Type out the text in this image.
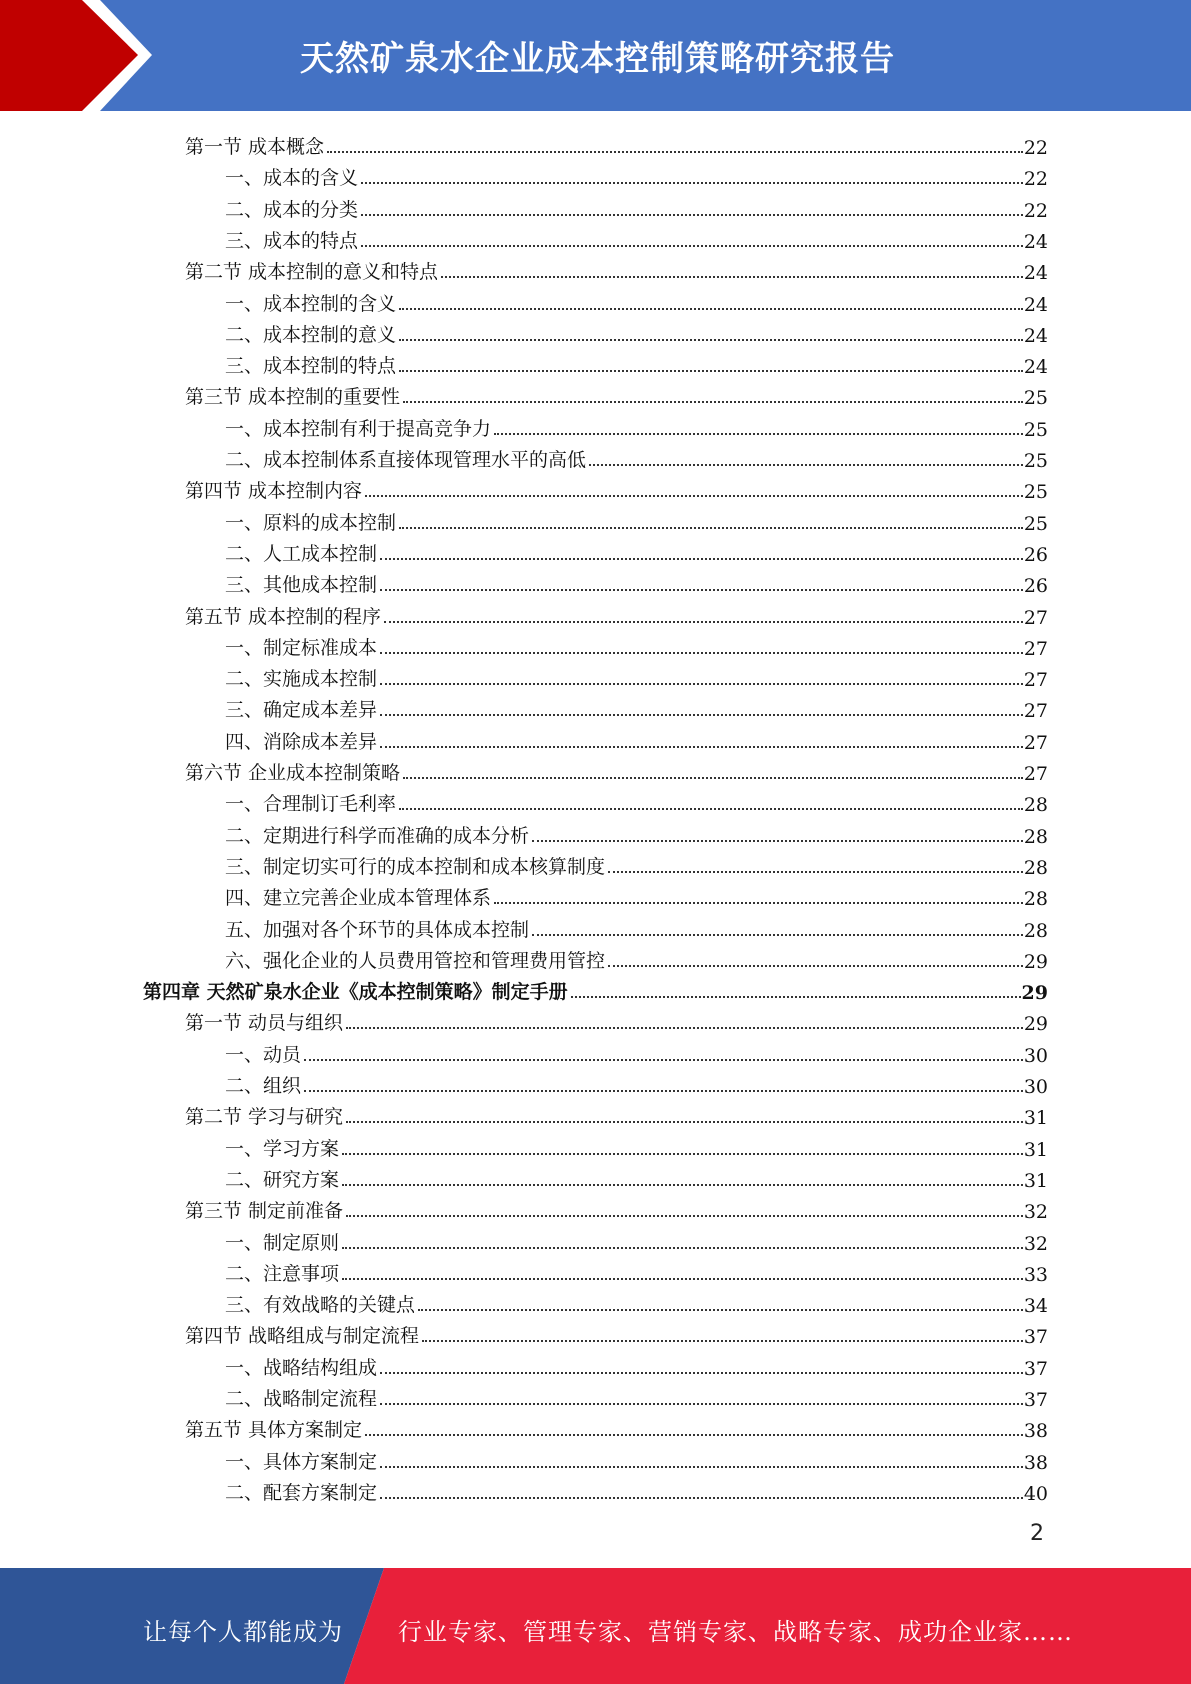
天然矿泉水企业成本控制策略研究报告
第一节 成本概念	22
一、成本的含义	22
二、成本的分类	22
三、成本的特点	24
第二节 成本控制的意义和特点	24
一、成本控制的含义	24
二、成本控制的意义	24
三、成本控制的特点	24
第三节 成本控制的重要性	25
一、成本控制有利于提高竞争力	25
二、成本控制体系直接体现管理水平的高低	25
第四节 成本控制内容	25
一、原料的成本控制	25
二、人工成本控制	26
三、其他成本控制	26
第五节 成本控制的程序	27
一、制定标准成本	27
二、实施成本控制	27
三、确定成本差异	27
四、消除成本差异	27
第六节 企业成本控制策略	27
一、合理制订毛利率	28
二、定期进行科学而准确的成本分析	28
三、制定切实可行的成本控制和成本核算制度	28
四、建立完善企业成本管理体系	28
五、加强对各个环节的具体成本控制	28
六、强化企业的人员费用管控和管理费用管控	29
第四章 天然矿泉水企业《成本控制策略》制定手册	29
第一节 动员与组织	29
一、动员	30
二、组织	30
第二节 学习与研究	31
一、学习方案	31
二、研究方案	31
第三节 制定前准备	32
一、制定原则	32
二、注意事项	33
三、有效战略的关键点	34
第四节 战略组成与制定流程	37
一、战略结构组成	37
二、战略制定流程	37
第五节 具体方案制定	38
一、具体方案制定	38
二、配套方案制定	40
2
让每个人都能成为 行业专家、管理专家、营销专家、战略专家、成功企业家……
